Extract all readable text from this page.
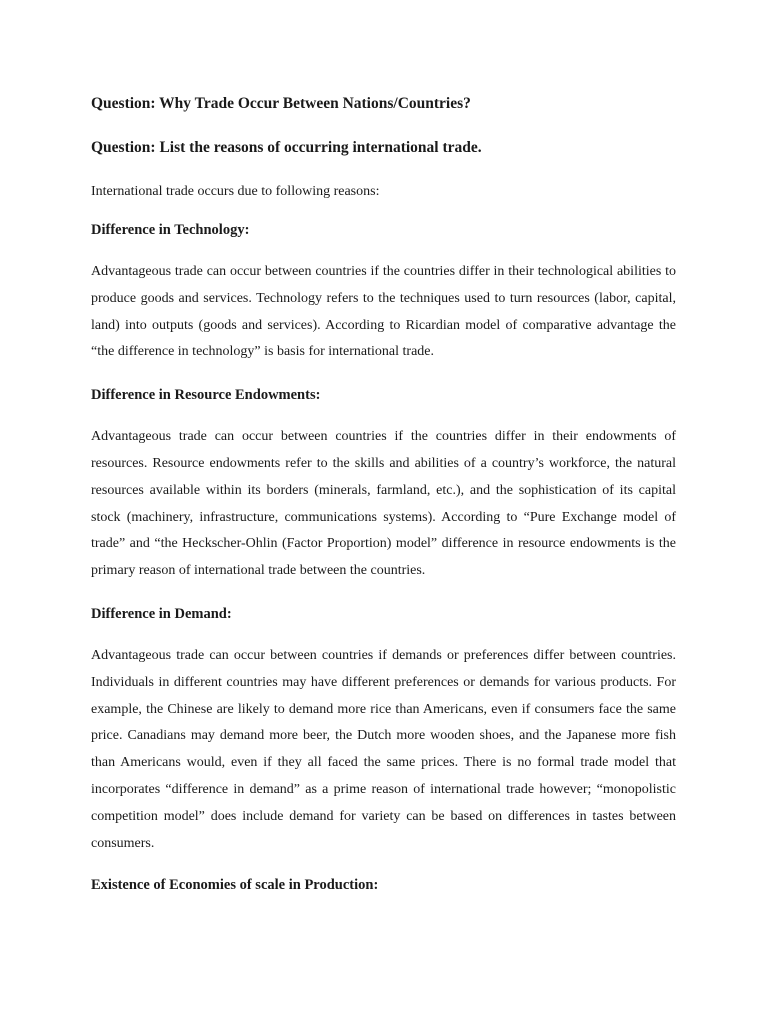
Question: Why Trade Occur Between Nations/Countries?

Question: List the reasons of occurring international trade.

International trade occurs due to following reasons:

Difference in Technology:

Advantageous trade can occur between countries if the countries differ in their technological abilities to produce goods and services. Technology refers to the techniques used to turn resources (labor, capital, land) into outputs (goods and services). According to Ricardian model of comparative advantage the “the difference in technology” is basis for international trade.

Difference in Resource Endowments:

Advantageous trade can occur between countries if the countries differ in their endowments of resources. Resource endowments refer to the skills and abilities of a country’s workforce, the natural resources available within its borders (minerals, farmland, etc.), and the sophistication of its capital stock (machinery, infrastructure, communications systems). According to “Pure Exchange model of trade” and “the Heckscher-Ohlin (Factor Proportion) model” difference in resource endowments is the primary reason of international trade between the countries.

Difference in Demand:

Advantageous trade can occur between countries if demands or preferences differ between countries. Individuals in different countries may have different preferences or demands for various products. For example, the Chinese are likely to demand more rice than Americans, even if consumers face the same price. Canadians may demand more beer, the Dutch more wooden shoes, and the Japanese more fish than Americans would, even if they all faced the same prices. There is no formal trade model that incorporates “difference in demand” as a prime reason of international trade however; “monopolistic competition model” does include demand for variety can be based on differences in tastes between consumers.

Existence of Economies of scale in Production:
